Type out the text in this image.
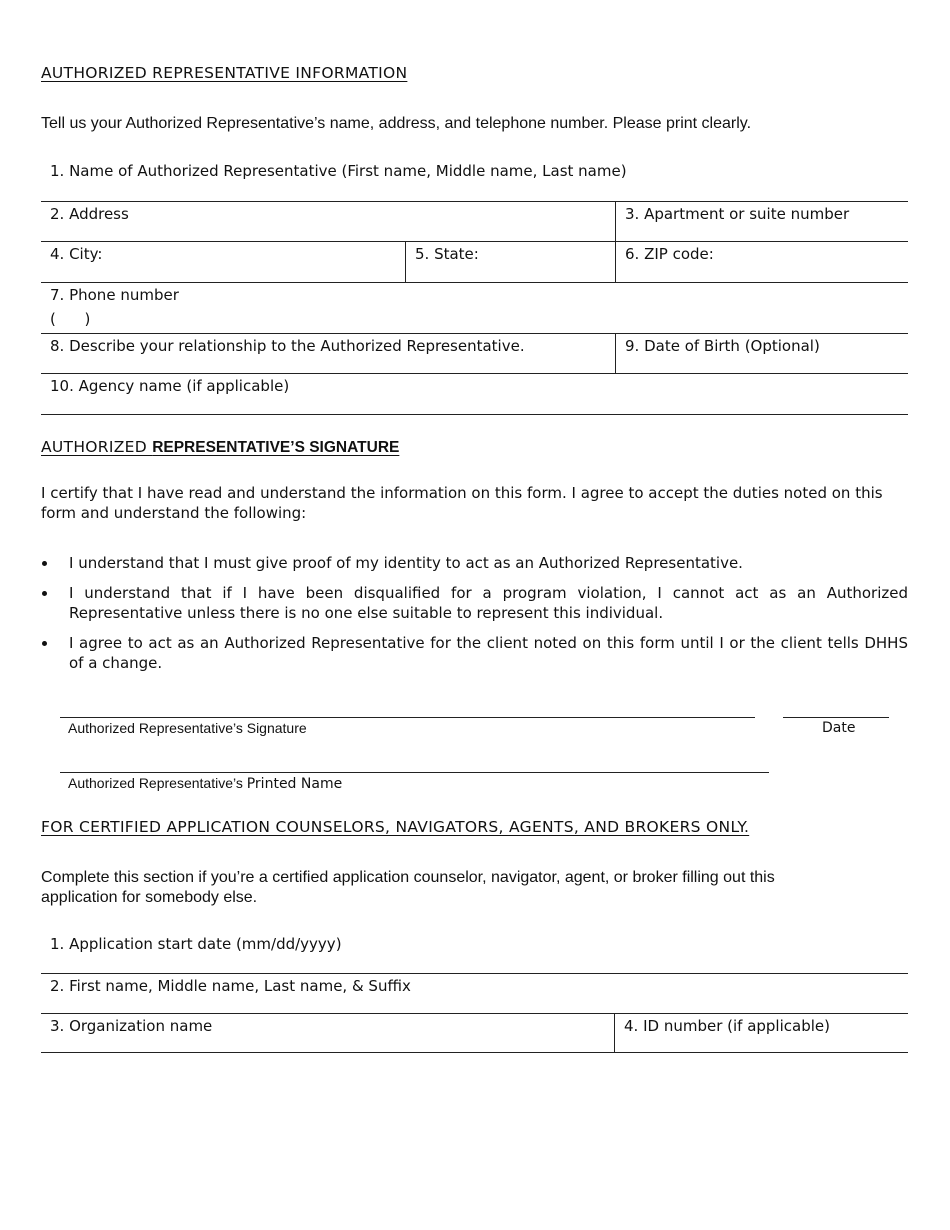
AUTHORIZED REPRESENTATIVE INFORMATION
Tell us your Authorized Representative’s name, address, and telephone number. Please print clearly.
1. Name of Authorized Representative (First name, Middle name, Last name)
2. Address		3. Apartment or suite number
4. City:	5. State:	6. ZIP code:

7. Phone number
(      )		

8. Describe your relationship to the Authorized Representative.		9. Date of Birth (Optional)
10. Agency name (if applicable)		
AUTHORIZED REPRESENTATIVE’S SIGNATURE
I certify that I have read and understand the information on this form. I agree to accept the duties noted on this form and understand the following:
I understand that I must give proof of my identity to act as an Authorized Representative.
I understand that if I have been disqualified for a program violation, I cannot act as an Authorized Representative unless there is no one else suitable to represent this individual.
I agree to act as an Authorized Representative for the client noted on this form until I or the client tells DHHS of a change.
Authorized Representative’s Signature	Date
Authorized Representative’s Printed Name
FOR CERTIFIED APPLICATION COUNSELORS, NAVIGATORS, AGENTS, AND BROKERS ONLY.
Complete this section if you’re a certified application counselor, navigator, agent, or broker filling out this
application for somebody else.
1. Application start date (mm/dd/yyyy)
2. First name, Middle name, Last name, & Suffix
3. Organization name	4. ID number (if applicable)
